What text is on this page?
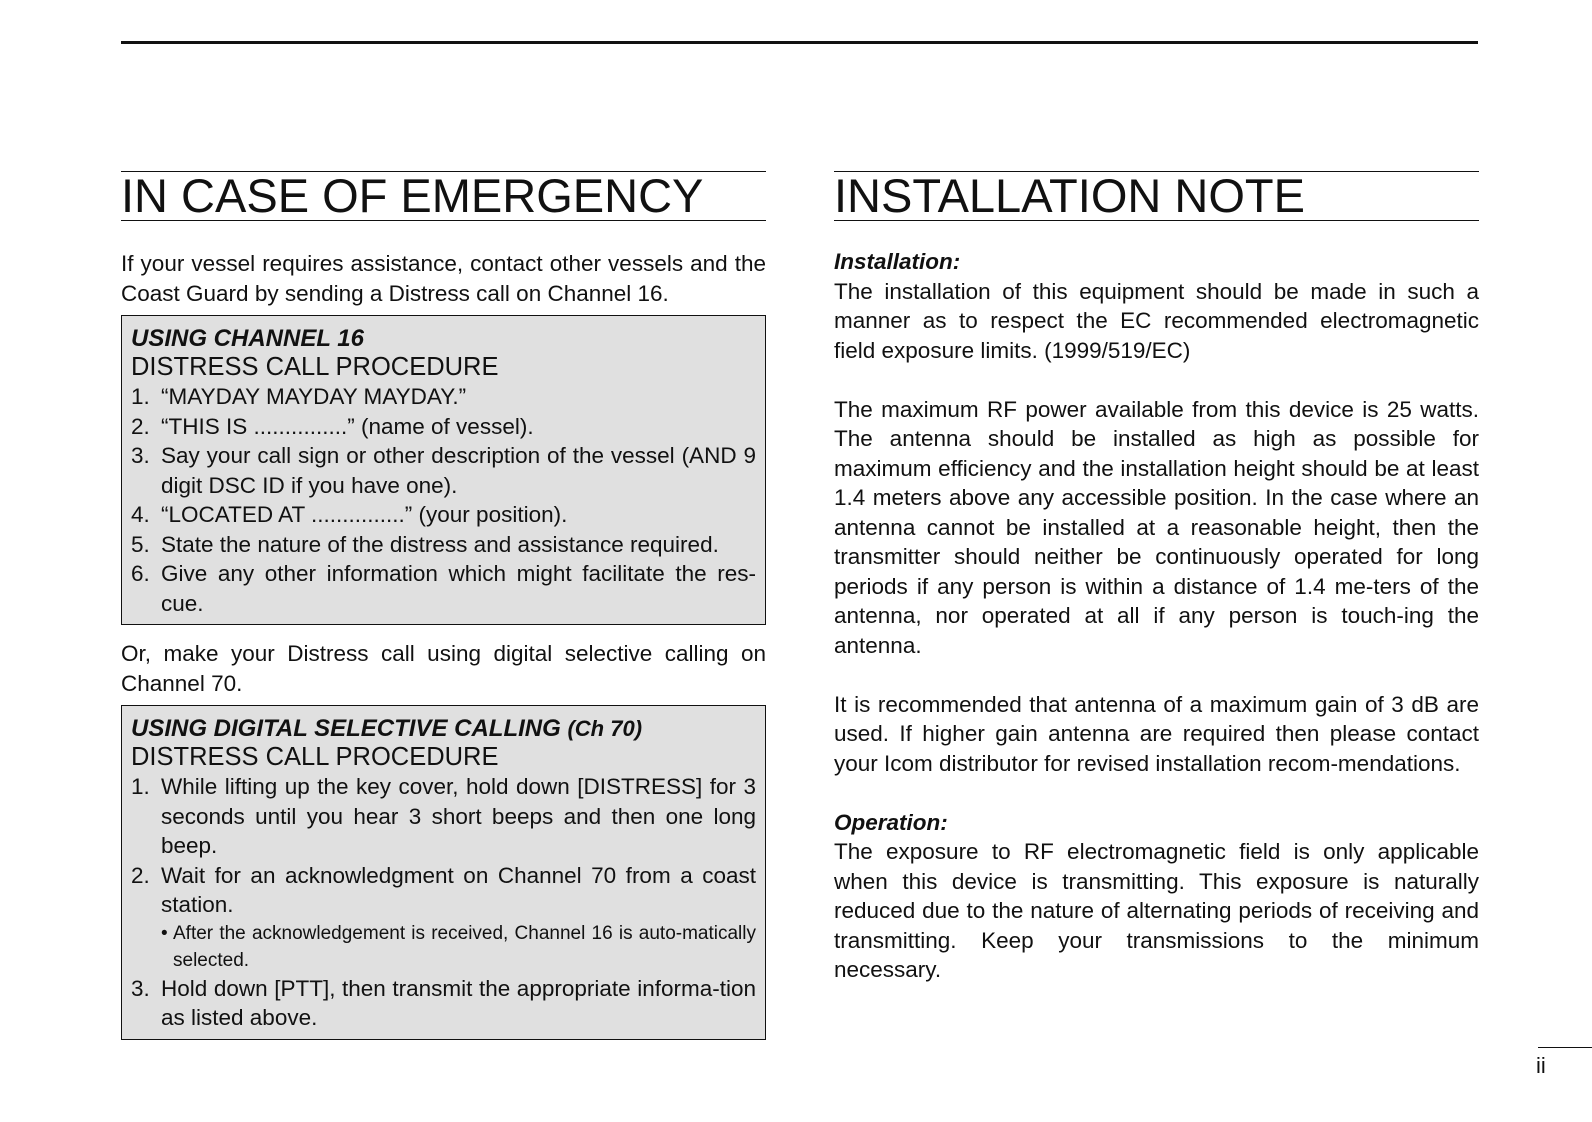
IN CASE OF EMERGENCY

If your vessel requires assistance, contact other vessels and the Coast Guard by sending a Distress call on Channel 16.

USING CHANNEL 16
DISTRESS CALL PROCEDURE
1. “MAYDAY MAYDAY MAYDAY.”
2. “THIS IS ...............” (name of vessel).
3. Say your call sign or other description of the vessel (AND 9 digit DSC ID if you have one).
4. “LOCATED AT ...............” (your position).
5. State the nature of the distress and assistance required.
6. Give any other information which might facilitate the res-cue.

Or, make your Distress call using digital selective calling on Channel 70.

USING DIGITAL SELECTIVE CALLING (Ch 70)
DISTRESS CALL PROCEDURE
1. While lifting up the key cover, hold down [DISTRESS] for 3 seconds until you hear 3 short beeps and then one long beep.
2. Wait for an acknowledgment on Channel 70 from a coast station.
• After the acknowledgement is received, Channel 16 is auto-matically selected.
3. Hold down [PTT], then transmit the appropriate informa-tion as listed above.
INSTALLATION NOTE
Installation:

The installation of this equipment should be made in such a manner as to respect the EC recommended electromagnetic field exposure limits. (1999/519/EC)

The maximum RF power available from this device is 25 watts. The antenna should be installed as high as possible for maximum efficiency and the installation height should be at least 1.4 meters above any accessible position. In the case where an antenna cannot be installed at a reasonable height, then the transmitter should neither be continuously operated for long periods if any person is within a distance of 1.4 me-ters of the antenna, nor operated at all if any person is touch-ing the antenna.

It is recommended that antenna of a maximum gain of 3 dB are used. If higher gain antenna are required then please contact your Icom distributor for revised installation recom-mendations.

Operation:

The exposure to RF electromagnetic field is only applicable when this device is transmitting. This exposure is naturally reduced due to the nature of alternating periods of receiving and transmitting. Keep your transmissions to the minimum necessary.

ii
